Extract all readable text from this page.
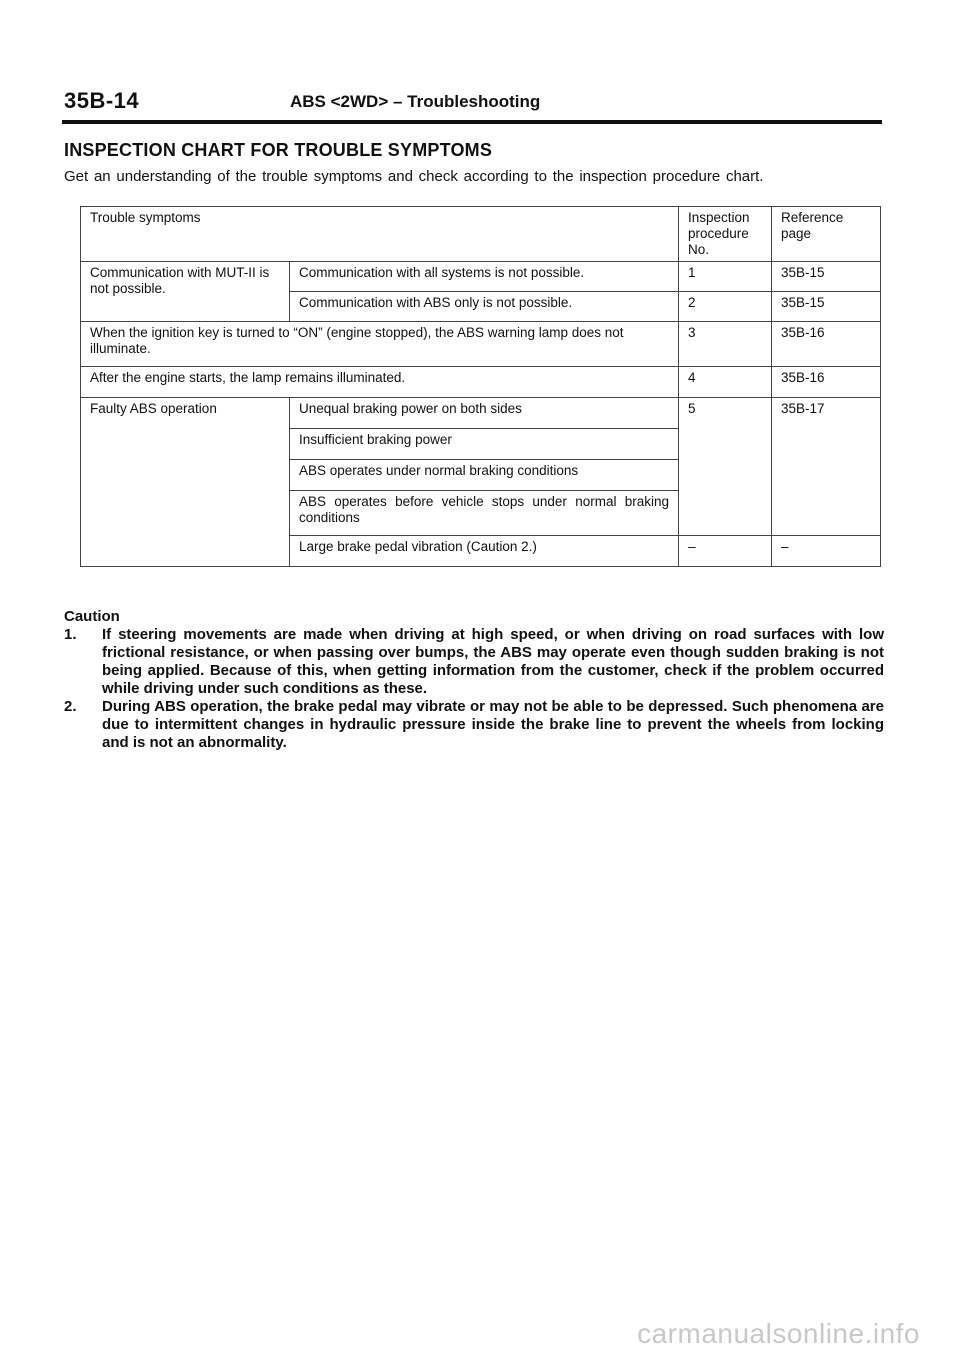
35B-14	ABS <2WD> – Troubleshooting
INSPECTION CHART FOR TROUBLE SYMPTOMS
Get an understanding of the trouble symptoms and check according to the inspection procedure chart.
Trouble symptoms		Inspection procedure No.	Reference page
Communication with MUT-II is not possible.	Communication with all systems is not possible.	1	35B-15
	Communication with ABS only is not possible.	2	35B-15
When the ignition key is turned to “ON” (engine stopped), the ABS warning lamp does not illuminate.		3	35B-16
After the engine starts, the lamp remains illuminated.		4	35B-16
Faulty ABS operation	Unequal braking power on both sides	5	35B-17
	Insufficient braking power		
	ABS operates under normal braking conditions		
	ABS operates before vehicle stops under normal braking conditions		
	Large brake pedal vibration (Caution 2.)	–	–
Caution
1.	If steering movements are made when driving at high speed, or when driving on road surfaces with low frictional resistance, or when passing over bumps, the ABS may operate even though sudden braking is not being applied. Because of this, when getting information from the customer, check if the problem occurred while driving under such conditions as these.
2.	During ABS operation, the brake pedal may vibrate or may not be able to be depressed. Such phenomena are due to intermittent changes in hydraulic pressure inside the brake line to prevent the wheels from locking and is not an abnormality.
carmanualsonline.info
